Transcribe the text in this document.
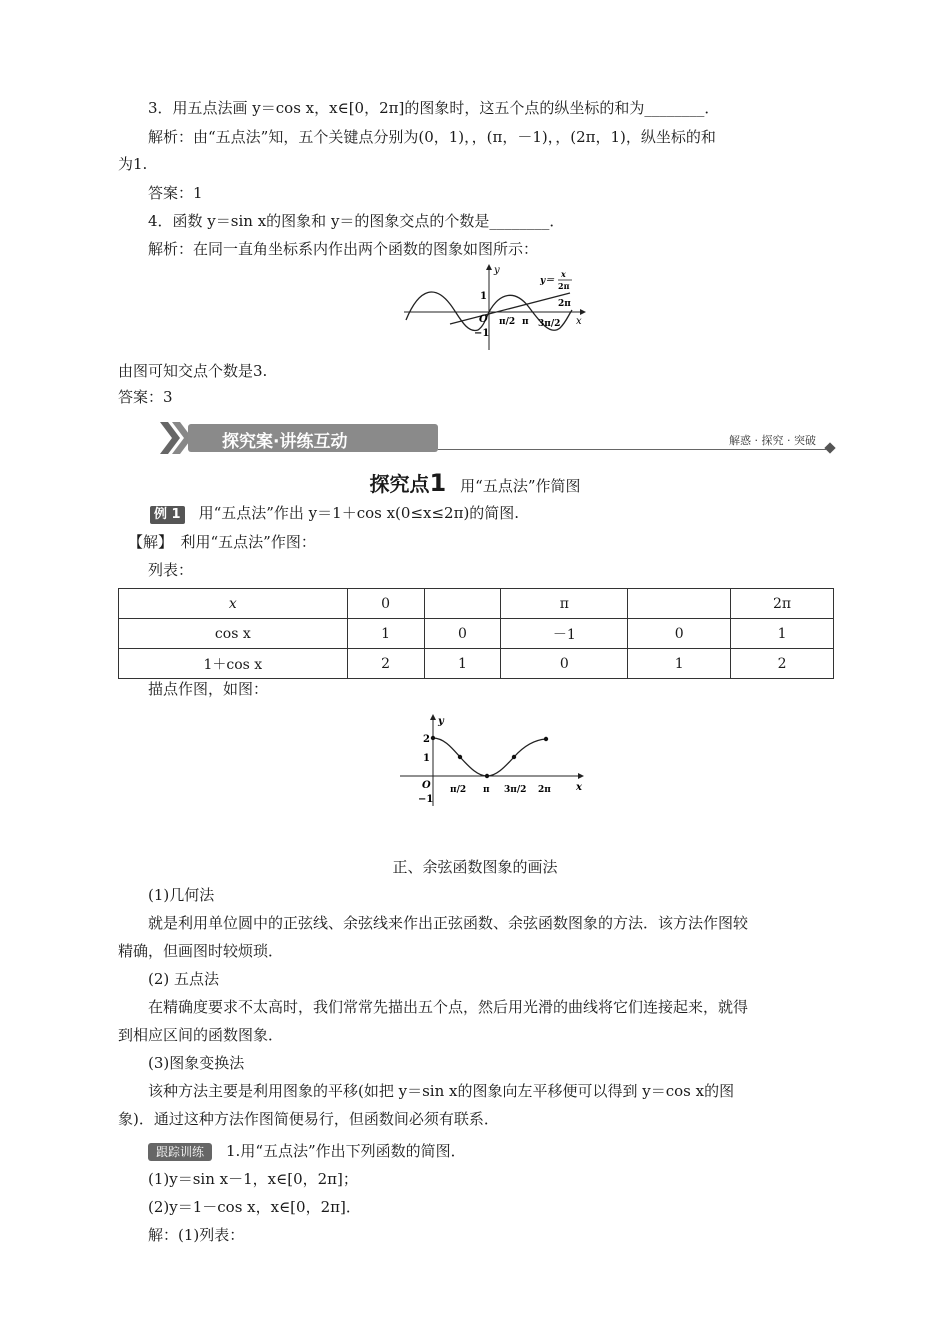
3．用五点法画 y＝cos x，x∈[0，2π]的图象时，这五个点的纵坐标的和为________．
解析：由“五点法”知，五个关键点分别为(0，1)，，(π，－1)，，(2π，1)，纵坐标的和
为1.
答案：1
4．函数 y＝sin x的图象和 y＝的图象交点的个数是________．
解析：在同一直角坐标系内作出两个函数的图象如图所示：
y
x
O
1
−1
π/2 π 3π/2
2π
y＝
x
2π
由图可知交点个数是3.
答案：3
探究案·讲练互动	解惑 · 探究 · 突破
探究点1 用“五点法”作简图
例 1 用“五点法”作出 y＝1＋cos x(0≤x≤2π)的简图.
【解】　利用“五点法”作图：
列表：
x	0		π		2π
cos x	1	0	－1	0	1
1＋cos x	2	1	0	1	2
描点作图，如图：
y
x
O
2
1
−1
π/2 π 3π/2 2π
正、余弦函数图象的画法
(1)几何法
就是利用单位圆中的正弦线、余弦线来作出正弦函数、余弦函数图象的方法．该方法作图较
精确，但画图时较烦琐．
(2) 五点法
在精确度要求不太高时，我们常常先描出五个点，然后用光滑的曲线将它们连接起来，就得
到相应区间的函数图象．
(3)图象变换法
该种方法主要是利用图象的平移(如把 y＝sin x的图象向左平移便可以得到 y＝cos x的图
象)．通过这种方法作图简便易行，但函数间必须有联系．
跟踪训练 1.用“五点法”作出下列函数的简图．
(1)y＝sin x－1，x∈[0，2π]；
(2)y＝1－cos x，x∈[0，2π]．
解：(1)列表：
